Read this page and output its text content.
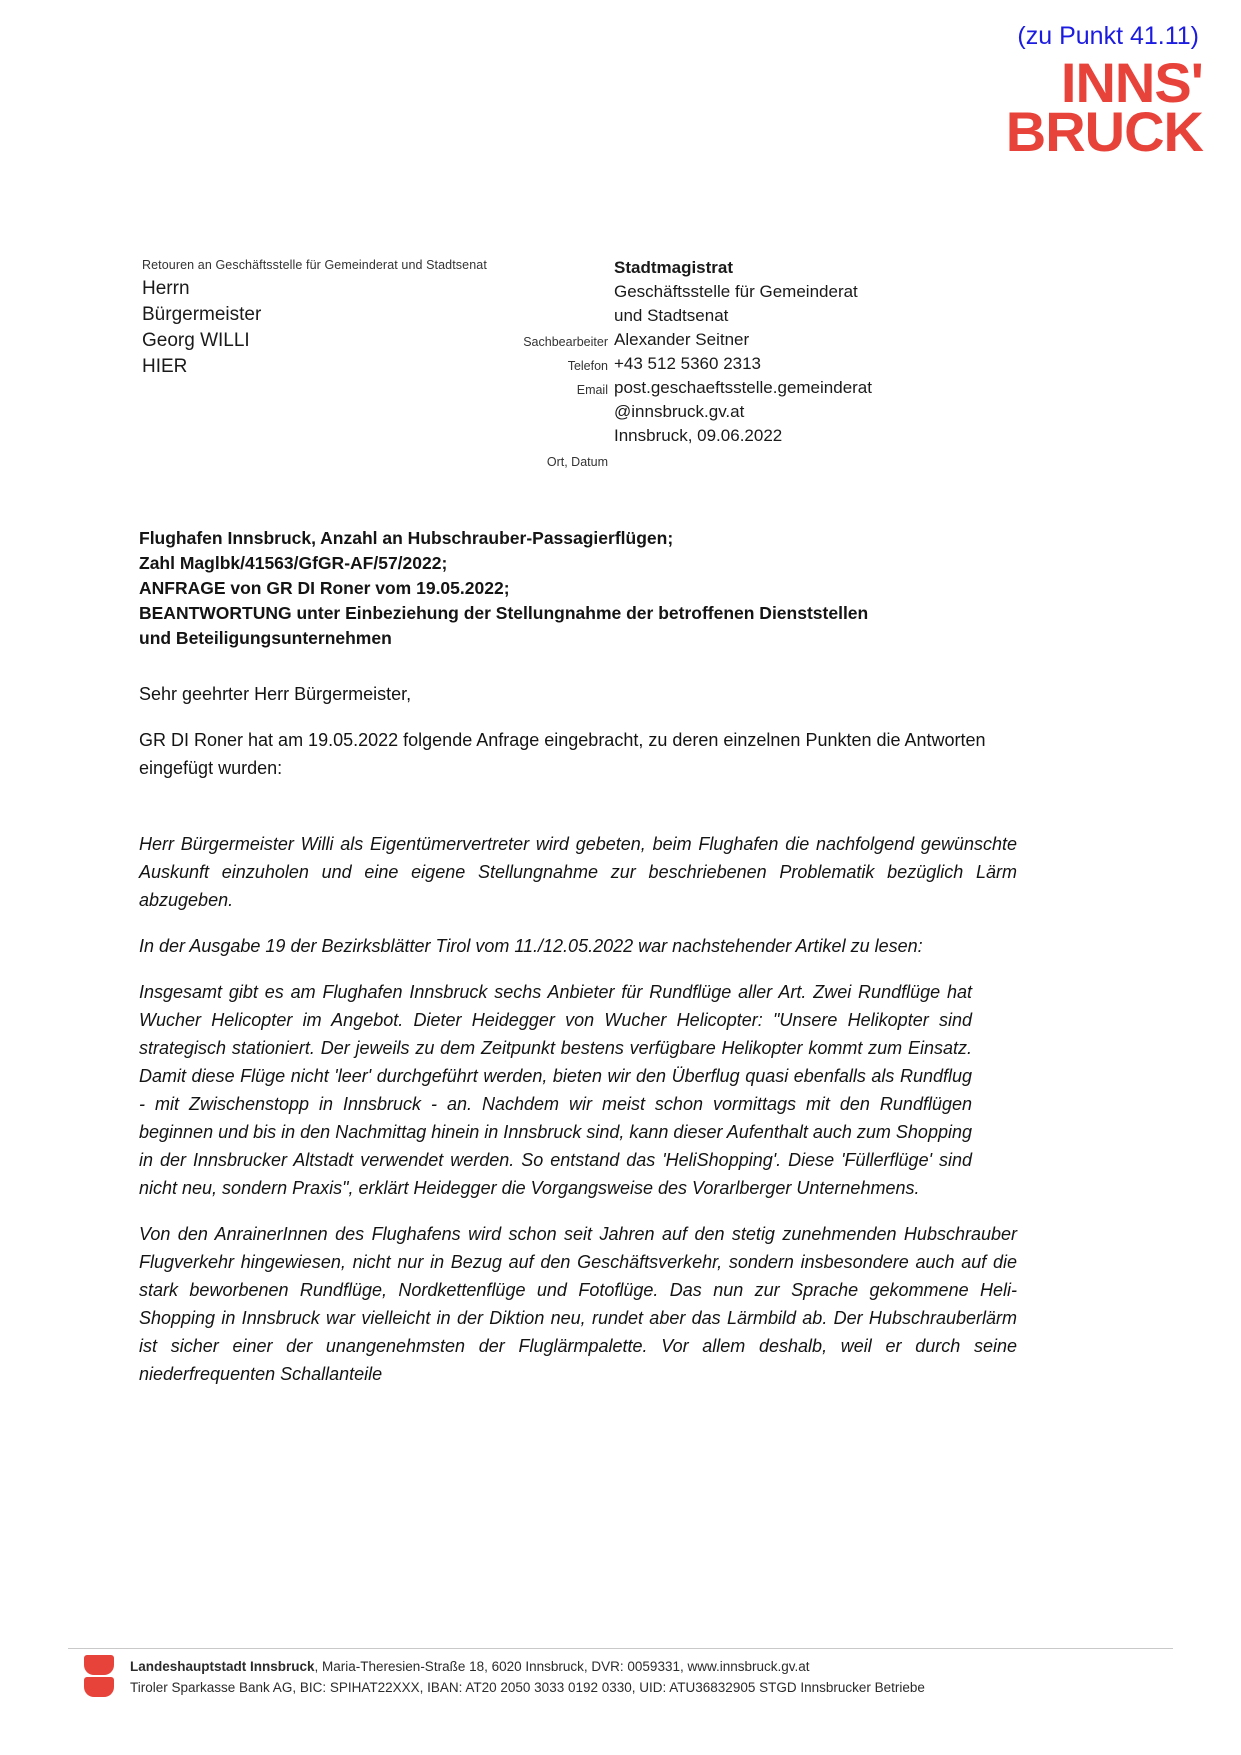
(zu Punkt 41.11)
INNS'
BRUCK
Retouren an Geschäftsstelle für Gemeinderat und Stadtsenat
Herrn
Bürgermeister
Georg WILLI
HIER
Sachbearbeiter
Telefon
Email
Ort, Datum
Stadtmagistrat
Geschäftsstelle für Gemeinderat
und Stadtsenat
Alexander Seitner
+43 512 5360 2313
post.geschaeftsstelle.gemeinderat
@innsbruck.gv.at
Innsbruck, 09.06.2022
Flughafen Innsbruck, Anzahl an Hubschrauber-Passagierflügen;
Zahl Maglbk/41563/GfGR-AF/57/2022;
ANFRAGE von GR DI Roner vom 19.05.2022;
BEANTWORTUNG unter Einbeziehung der Stellungnahme der betroffenen Dienststellen
und Beteiligungsunternehmen

Sehr geehrter Herr Bürgermeister,

GR DI Roner hat am 19.05.2022 folgende Anfrage eingebracht, zu deren einzelnen Punkten die Antworten eingefügt wurden:

Herr Bürgermeister Willi als Eigentümervertreter wird gebeten, beim Flughafen die nachfolgend gewünschte Auskunft einzuholen und eine eigene Stellungnahme zur beschriebenen Problematik bezüglich Lärm abzugeben.

In der Ausgabe 19 der Bezirksblätter Tirol vom 11./12.05.2022 war nachstehender Artikel zu lesen:

Insgesamt gibt es am Flughafen Innsbruck sechs Anbieter für Rundflüge aller Art. Zwei Rundflüge hat Wucher Helicopter im Angebot. Dieter Heidegger von Wucher Helicopter: "Unsere Helikopter sind strategisch stationiert. Der jeweils zu dem Zeitpunkt bestens verfügbare Helikopter kommt zum Einsatz. Damit diese Flüge nicht 'leer' durchgeführt werden, bieten wir den Überflug quasi ebenfalls als Rundflug - mit Zwischenstopp in Innsbruck - an. Nachdem wir meist schon vormittags mit den Rundflügen beginnen und bis in den Nachmittag hinein in Innsbruck sind, kann dieser Aufenthalt auch zum Shopping in der Innsbrucker Altstadt verwendet werden. So entstand das 'HeliShopping'. Diese 'Füllerflüge' sind nicht neu, sondern Praxis", erklärt Heidegger die Vorgangsweise des Vorarlberger Unternehmens.

Von den AnrainerInnen des Flughafens wird schon seit Jahren auf den stetig zunehmenden Hubschrauber Flugverkehr hingewiesen, nicht nur in Bezug auf den Geschäftsverkehr, sondern insbesondere auch auf die stark beworbenen Rundflüge, Nordkettenflüge und Fotoflüge. Das nun zur Sprache gekommene Heli-Shopping in Innsbruck war vielleicht in der Diktion neu, rundet aber das Lärmbild ab. Der Hubschrauberlärm ist sicher einer der unangenehmsten der Fluglärmpalette. Vor allem deshalb, weil er durch seine niederfrequenten Schallanteile

Landeshauptstadt Innsbruck, Maria-Theresien-Straße 18, 6020 Innsbruck, DVR: 0059331, www.innsbruck.gv.at
Tiroler Sparkasse Bank AG, BIC: SPIHAT22XXX, IBAN: AT20 2050 3033 0192 0330, UID: ATU36832905 STGD Innsbrucker Betriebe
